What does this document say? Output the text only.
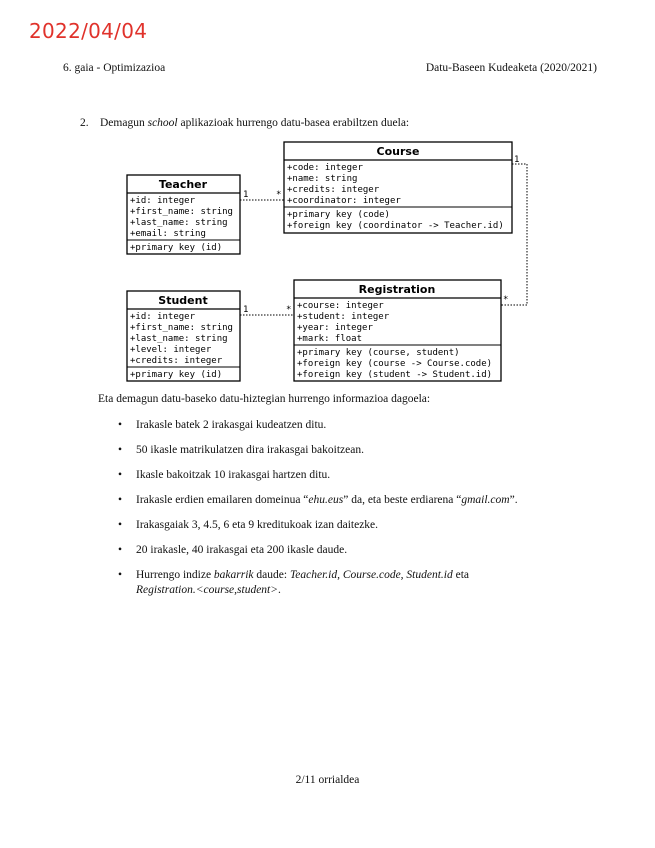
2022/04/04
6. gaia - Optimizazioa	Datu-Baseen Kudeaketa (2020/2021)
2. Demagun school aplikazioak hurrengo datu-basea erabiltzen duela:
Course
+code: integer
+name: string
+credits: integer
+coordinator: integer
+primary key (code)
+foreign key (coordinator -> Teacher.id)
Teacher
+id: integer
+first_name: string
+last_name: string
+email: string
+primary key (id)
Student
+id: integer
+first_name: string
+last_name: string
+level: integer
+credits: integer
+primary key (id)
Registration
+course: integer
+student: integer
+year: integer
+mark: float
+primary key (course, student)
+foreign key (course -> Course.code)
+foreign key (student -> Student.id)
1	*
1	*
1
*
Eta demagun datu-baseko datu-hiztegian hurrengo informazioa dagoela:
• Irakasle batek 2 irakasgai kudeatzen ditu.
• 50 ikasle matrikulatzen dira irakasgai bakoitzean.
• Ikasle bakoitzak 10 irakasgai hartzen ditu.
• Irakasle erdien emailaren domeinua “ehu.eus” da, eta beste erdiarena “gmail.com”.
• Irakasgaiak 3, 4.5, 6 eta 9 kreditukoak izan daitezke.
• 20 irakasle, 40 irakasgai eta 200 ikasle daude.
• Hurrengo indize bakarrik daude: Teacher.id, Course.code, Student.id eta
Registration.<course,student>.
2/11 orrialdea
